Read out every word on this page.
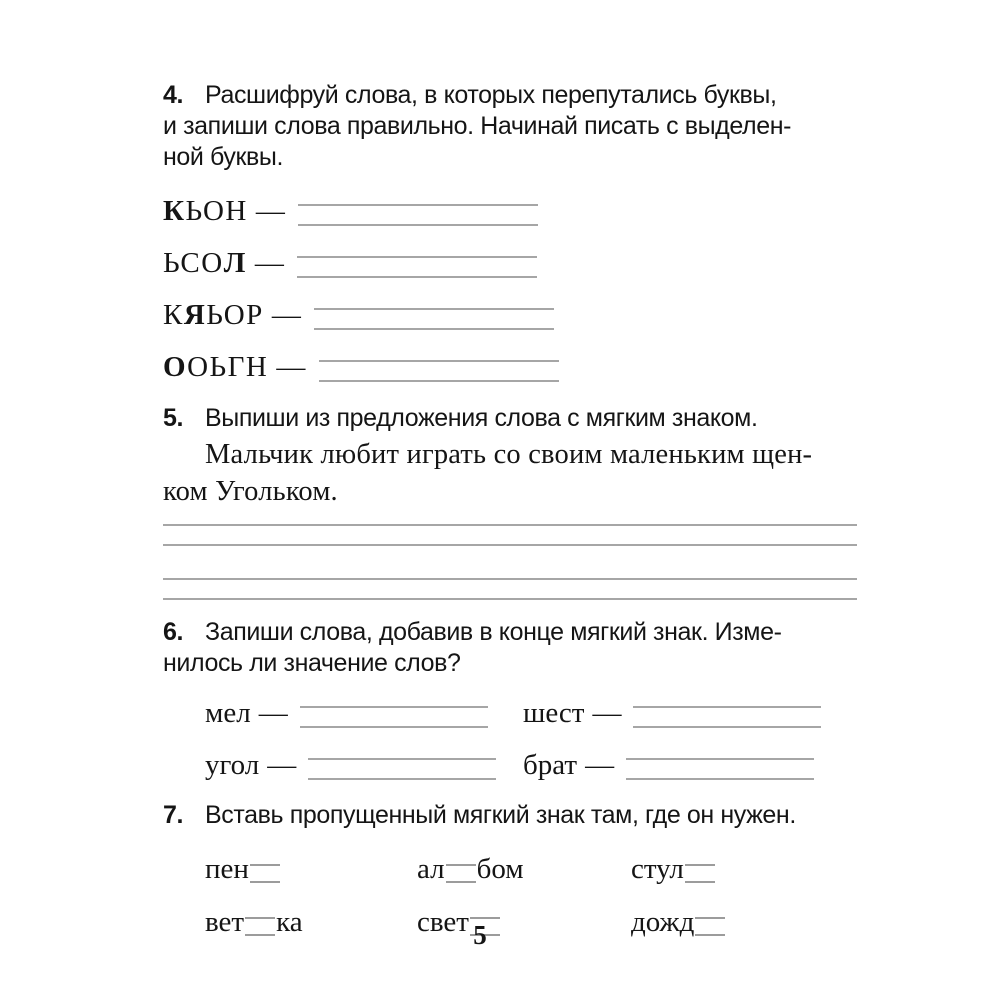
4. Расшифруй слова, в которых перепутались буквы,
и запиши слова правильно. Начинай писать с выделен-
ной буквы.
КЬОН —
ЬСОЛ —
КЯЬОР —
ООЬГН —
5. Выпиши из предложения слова с мягким знаком.
Мальчик любит играть со своим маленьким щен-
ком Угольком.
6. Запиши слова, добавив в конце мягкий знак. Изме-
нилось ли значение слов?
мел —	шест —
угол —	брат —
7. Вставь пропущенный мягкий знак там, где он нужен.
пен	ал бом	стул
вет ка	свет	дожд
5
